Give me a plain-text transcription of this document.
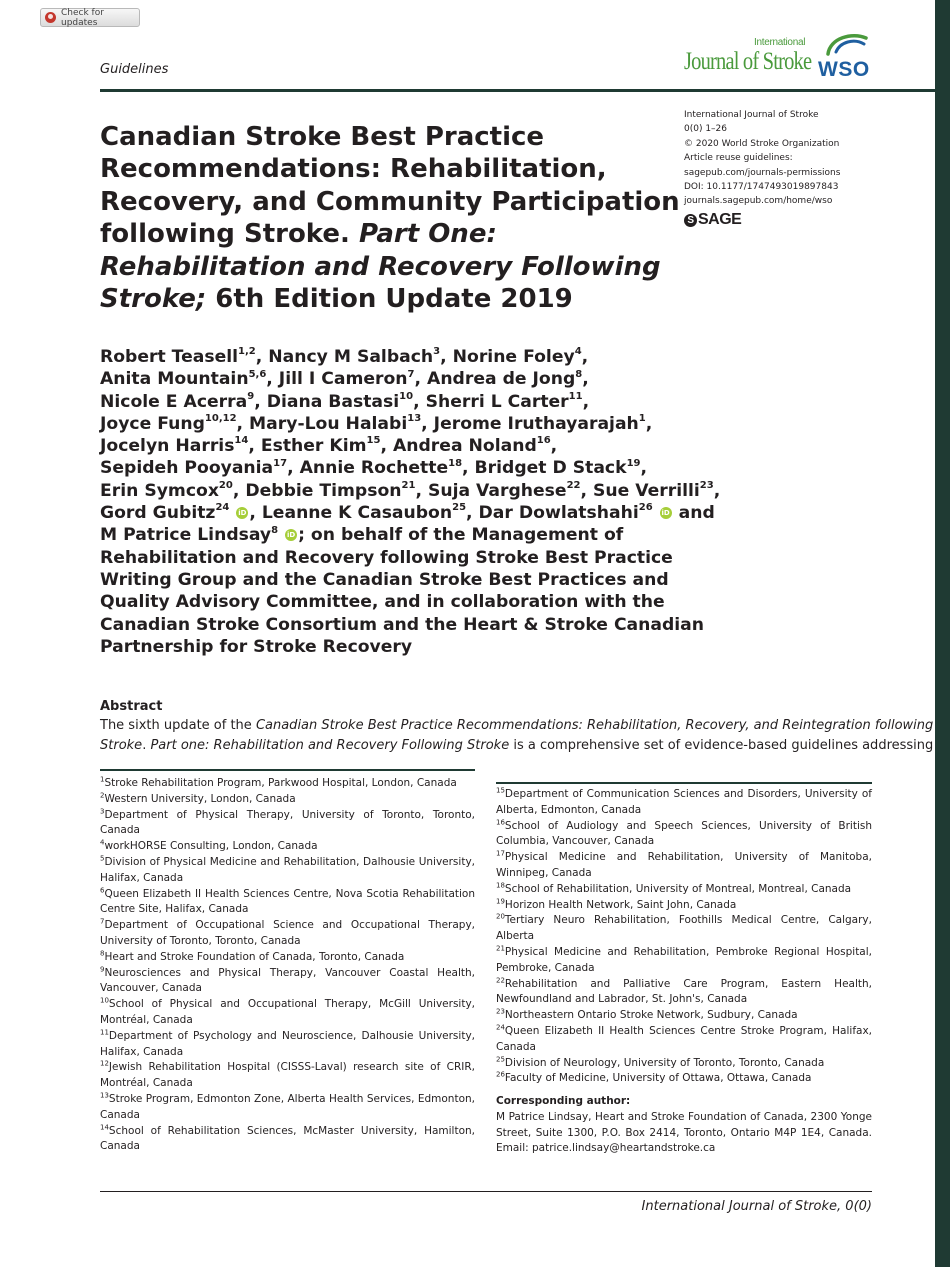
Check for updates
Guidelines
International
Journal of Stroke WSO
International Journal of Stroke
0(0) 1–26
© 2020 World Stroke Organization
Article reuse guidelines:
sagepub.com/journals-permissions
DOI: 10.1177/1747493019897843
journals.sagepub.com/home/wso
S SAGE
Canadian Stroke Best Practice Recommendations: Rehabilitation, Recovery, and Community Participation following Stroke. Part One: Rehabilitation and Recovery Following Stroke; 6th Edition Update 2019
Robert Teasell$^{1,2}$, Nancy M Salbach$^3$, Norine Foley$^4$,
Anita Mountain$^{5,6}$, Jill I Cameron$^7$, Andrea de Jong$^8$,
Nicole E Acerra$^9$, Diana Bastasi$^{10}$, Sherri L Carter$^{11}$,
Joyce Fung$^{10,12}$, Mary-Lou Halabi$^{13}$, Jerome Iruthayarajah$^1$,
Jocelyn Harris$^{14}$, Esther Kim$^{15}$, Andrea Noland$^{16}$,
Sepideh Pooyania$^{17}$, Annie Rochette$^{18}$, Bridget D Stack$^{19}$,
Erin Symcox$^{20}$, Debbie Timpson$^{21}$, Suja Varghese$^{22}$, Sue Verrilli$^{23}$,
Gord Gubitz$^{24}$ iD , Leanne K Casaubon$^{25}$, Dar Dowlatshahi$^{26}$ iD and
M Patrice Lindsay$^8$ iD ; on behalf of the Management of
Rehabilitation and Recovery following Stroke Best Practice
Writing Group and the Canadian Stroke Best Practices and
Quality Advisory Committee, and in collaboration with the
Canadian Stroke Consortium and the Heart & Stroke Canadian
Partnership for Stroke Recovery
Abstract
The sixth update of the Canadian Stroke Best Practice Recommendations: Rehabilitation, Recovery, and Reintegration following
Stroke. Part one: Rehabilitation and Recovery Following Stroke is a comprehensive set of evidence-based guidelines addressing
$^1$Stroke Rehabilitation Program, Parkwood Hospital, London, Canada
$^2$Western University, London, Canada
$^3$Department of Physical Therapy, University of Toronto, Toronto, Canada
$^4$workHORSE Consulting, London, Canada
$^5$Division of Physical Medicine and Rehabilitation, Dalhousie University, Halifax, Canada
$^6$Queen Elizabeth II Health Sciences Centre, Nova Scotia Rehabilitation Centre Site, Halifax, Canada
$^7$Department of Occupational Science and Occupational Therapy, University of Toronto, Toronto, Canada
$^8$Heart and Stroke Foundation of Canada, Toronto, Canada
$^9$Neurosciences and Physical Therapy, Vancouver Coastal Health, Vancouver, Canada
$^{10}$School of Physical and Occupational Therapy, McGill University, Montréal, Canada
$^{11}$Department of Psychology and Neuroscience, Dalhousie University, Halifax, Canada
$^{12}$Jewish Rehabilitation Hospital (CISSS-Laval) research site of CRIR, Montréal, Canada
$^{13}$Stroke Program, Edmonton Zone, Alberta Health Services, Edmonton, Canada
$^{14}$School of Rehabilitation Sciences, McMaster University, Hamilton, Canada
$^{15}$Department of Communication Sciences and Disorders, University of Alberta, Edmonton, Canada
$^{16}$School of Audiology and Speech Sciences, University of British Columbia, Vancouver, Canada
$^{17}$Physical Medicine and Rehabilitation, University of Manitoba, Winnipeg, Canada
$^{18}$School of Rehabilitation, University of Montreal, Montreal, Canada
$^{19}$Horizon Health Network, Saint John, Canada
$^{20}$Tertiary Neuro Rehabilitation, Foothills Medical Centre, Calgary, Alberta
$^{21}$Physical Medicine and Rehabilitation, Pembroke Regional Hospital, Pembroke, Canada
$^{22}$Rehabilitation and Palliative Care Program, Eastern Health, Newfoundland and Labrador, St. John's, Canada
$^{23}$Northeastern Ontario Stroke Network, Sudbury, Canada
$^{24}$Queen Elizabeth II Health Sciences Centre Stroke Program, Halifax, Canada
$^{25}$Division of Neurology, University of Toronto, Toronto, Canada
$^{26}$Faculty of Medicine, University of Ottawa, Ottawa, Canada
Corresponding author:
M Patrice Lindsay, Heart and Stroke Foundation of Canada, 2300 Yonge Street, Suite 1300, P.O. Box 2414, Toronto, Ontario M4P 1E4, Canada. Email: patrice.lindsay@heartandstroke.ca
International Journal of Stroke, 0(0)
